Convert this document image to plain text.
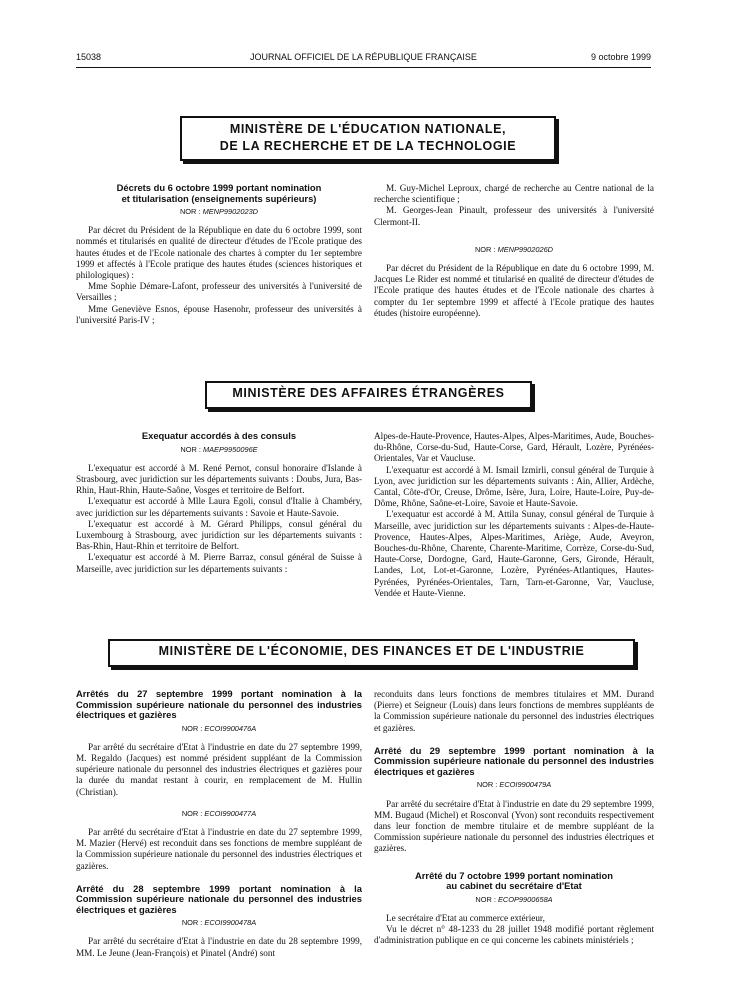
15038	JOURNAL OFFICIEL DE LA RÉPUBLIQUE FRANÇAISE	9 octobre 1999
MINISTÈRE DE L'ÉDUCATION NATIONALE,
DE LA RECHERCHE ET DE LA TECHNOLOGIE
Décrets du 6 octobre 1999 portant nomination
et titularisation (enseignements supérieurs)
NOR : MENP9902023D

Par décret du Président de la République en date du 6 octobre 1999, sont nommés et titularisés en qualité de directeur d'études de l'Ecole pratique des hautes études et de l'Ecole nationale des chartes à compter du 1er septembre 1999 et affectés à l'Ecole pratique des hautes études (sciences historiques et philologiques) :

Mme Sophie Démare-Lafont, professeur des universités à l'université de Versailles ;

Mme Geneviève Esnos, épouse Hasenohr, professeur des universités à l'université Paris-IV ;

M. Guy-Michel Leproux, chargé de recherche au Centre national de la recherche scientifique ;

M. Georges-Jean Pinault, professeur des universités à l'université Clermont-II.

NOR : MENP9902026D

Par décret du Président de la République en date du 6 octobre 1999, M. Jacques Le Rider est nommé et titularisé en qualité de directeur d'études de l'Ecole pratique des hautes études et de l'Ecole nationale des chartes à compter du 1er septembre 1999 et affecté à l'Ecole pratique des hautes études (histoire européenne).

MINISTÈRE DES AFFAIRES ÉTRANGÈRES
Exequatur accordés à des consuls
NOR : MAEP9950096E

L'exequatur est accordé à M. René Pernot, consul honoraire d'Islande à Strasbourg, avec juridiction sur les départements suivants : Doubs, Jura, Bas-Rhin, Haut-Rhin, Haute-Saône, Vosges et territoire de Belfort.

L'exequatur est accordé à Mlle Laura Egoli, consul d'Italie à Chambéry, avec juridiction sur les départements suivants : Savoie et Haute-Savoie.

L'exequatur est accordé à M. Gérard Philipps, consul général du Luxembourg à Strasbourg, avec juridiction sur les départements suivants : Bas-Rhin, Haut-Rhin et territoire de Belfort.

L'exequatur est accordé à M. Pierre Barraz, consul général de Suisse à Marseille, avec juridiction sur les départements suivants :

Alpes-de-Haute-Provence, Hautes-Alpes, Alpes-Maritimes, Aude, Bouches-du-Rhône, Corse-du-Sud, Haute-Corse, Gard, Hérault, Lozère, Pyrénées-Orientales, Var et Vaucluse.

L'exequatur est accordé à M. Ismail Izmirli, consul général de Turquie à Lyon, avec juridiction sur les départements suivants : Ain, Allier, Ardèche, Cantal, Côte-d'Or, Creuse, Drôme, Isère, Jura, Loire, Haute-Loire, Puy-de-Dôme, Rhône, Saône-et-Loire, Savoie et Haute-Savoie.

L'exequatur est accordé à M. Attila Sunay, consul général de Turquie à Marseille, avec juridiction sur les départements suivants : Alpes-de-Haute-Provence, Hautes-Alpes, Alpes-Maritimes, Ariège, Aude, Aveyron, Bouches-du-Rhône, Charente, Charente-Maritime, Corrèze, Corse-du-Sud, Haute-Corse, Dordogne, Gard, Haute-Garonne, Gers, Gironde, Hérault, Landes, Lot, Lot-et-Garonne, Lozère, Pyrénées-Atlantiques, Hautes-Pyrénées, Pyrénées-Orientales, Tarn, Tarn-et-Garonne, Var, Vaucluse, Vendée et Haute-Vienne.

MINISTÈRE DE L'ÉCONOMIE, DES FINANCES ET DE L'INDUSTRIE
Arrêtés du 27 septembre 1999 portant nomination à la Commission supérieure nationale du personnel des industries électriques et gazières
NOR : ECOI9900476A

Par arrêté du secrétaire d'Etat à l'industrie en date du 27 septembre 1999, M. Regaldo (Jacques) est nommé président suppléant de la Commission supérieure nationale du personnel des industries électriques et gazières pour la durée du mandat restant à courir, en remplacement de M. Hullin (Christian).

NOR : ECOI9900477A

Par arrêté du secrétaire d'Etat à l'industrie en date du 27 septembre 1999, M. Mazier (Hervé) est reconduit dans ses fonctions de membre suppléant de la Commission supérieure nationale du personnel des industries électriques et gazières.

Arrêté du 28 septembre 1999 portant nomination à la Commission supérieure nationale du personnel des industries électriques et gazières
NOR : ECOI9900478A

Par arrêté du secrétaire d'Etat à l'industrie en date du 28 septembre 1999, MM. Le Jeune (Jean-François) et Pinatel (André) sont

reconduits dans leurs fonctions de membres titulaires et MM. Durand (Pierre) et Seigneur (Louis) dans leurs fonctions de membres suppléants de la Commission supérieure nationale du personnel des industries électriques et gazières.

Arrêté du 29 septembre 1999 portant nomination à la Commission supérieure nationale du personnel des industries électriques et gazières
NOR : ECOI9900479A

Par arrêté du secrétaire d'Etat à l'industrie en date du 29 septembre 1999, MM. Bugaud (Michel) et Rosconval (Yvon) sont reconduits respectivement dans leur fonction de membre titulaire et de membre suppléant de la Commission supérieure nationale du personnel des industries électriques et gazières.

Arrêté du 7 octobre 1999 portant nomination
au cabinet du secrétaire d'Etat
NOR : ECOP9900658A

Le secrétaire d'Etat au commerce extérieur,

Vu le décret n° 48-1233 du 28 juillet 1948 modifié portant règlement d'administration publique en ce qui concerne les cabinets ministériels ;
